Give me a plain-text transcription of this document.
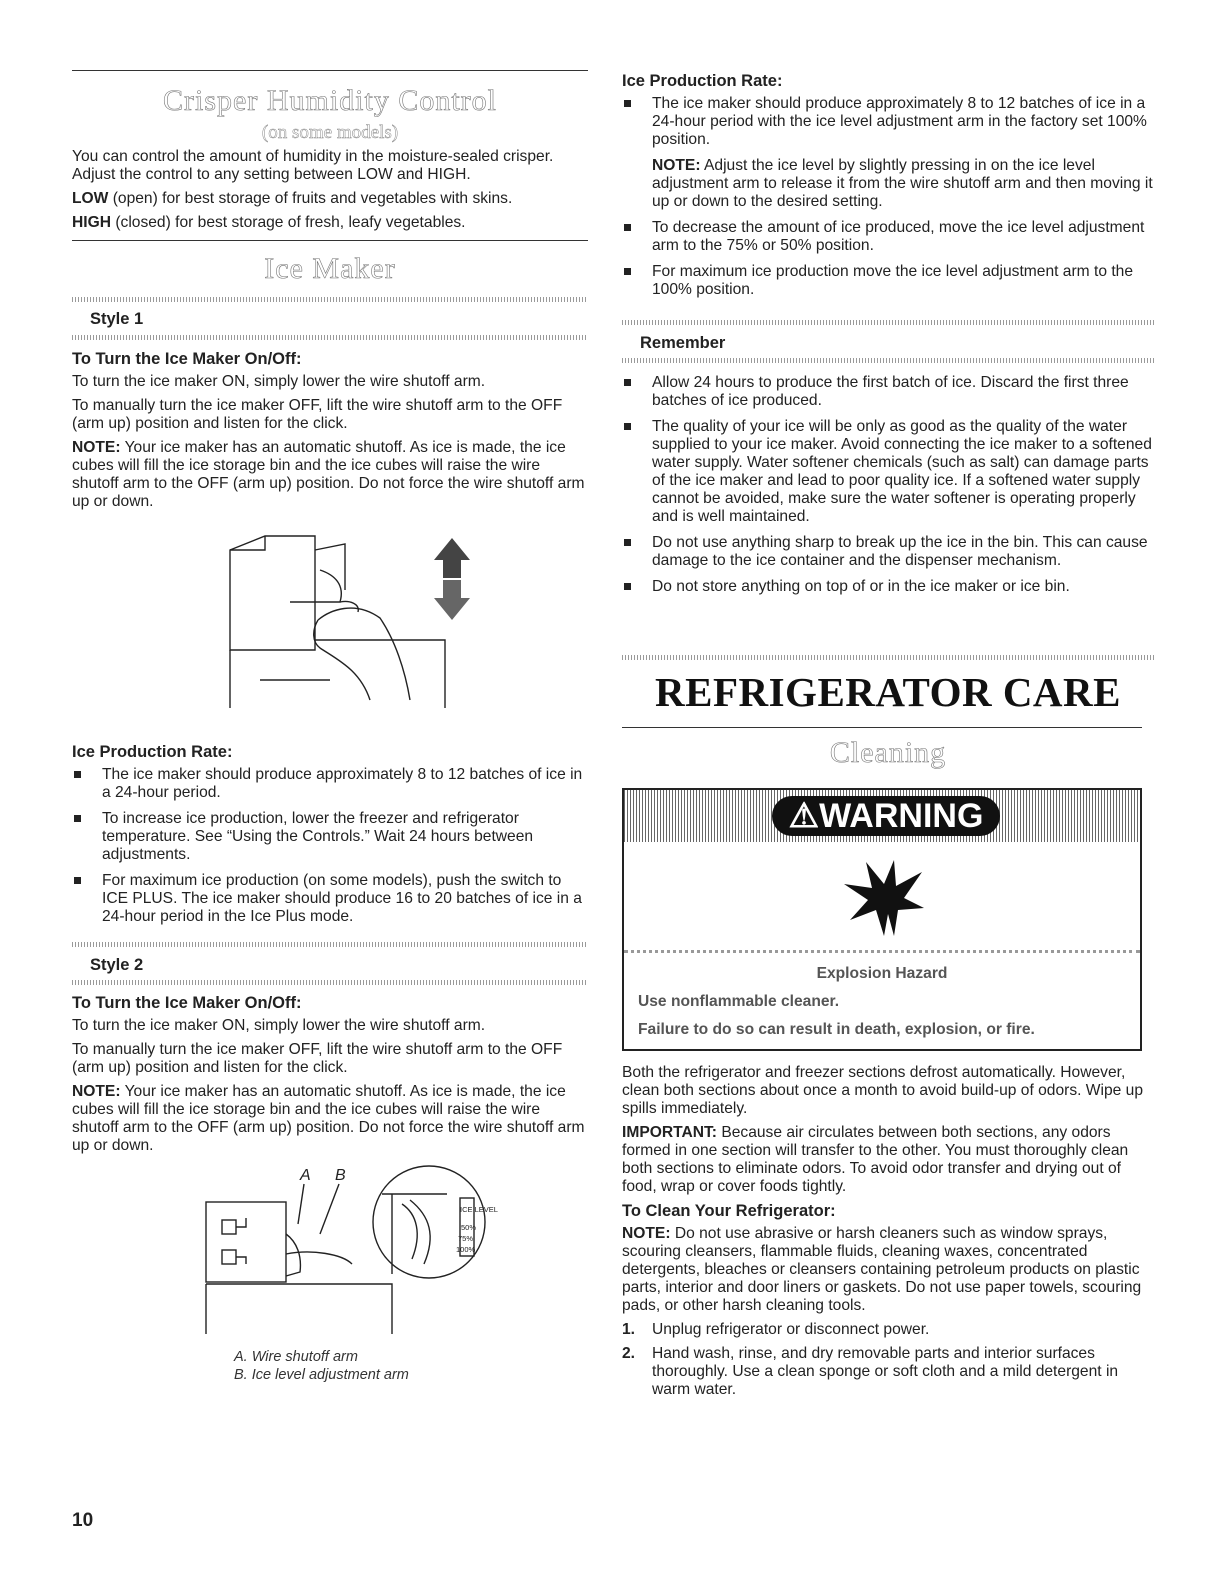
Crisper Humidity Control
(on some models)

You can control the amount of humidity in the moisture-sealed crisper. Adjust the control to any setting between LOW and HIGH.

LOW (open) for best storage of fruits and vegetables with skins.

HIGH (closed) for best storage of fresh, leafy vegetables.

Ice Maker
Style 1
To Turn the Ice Maker On/Off:

To turn the ice maker ON, simply lower the wire shutoff arm.

To manually turn the ice maker OFF, lift the wire shutoff arm to the OFF (arm up) position and listen for the click.

NOTE: Your ice maker has an automatic shutoff. As ice is made, the ice cubes will fill the ice storage bin and the ice cubes will raise the wire shutoff arm to the OFF (arm up) position. Do not force the wire shutoff arm up or down.

Ice Production Rate:
The ice maker should produce approximately 8 to 12 batches of ice in a 24-hour period.
To increase ice production, lower the freezer and refrigerator temperature. See “Using the Controls.” Wait 24 hours between adjustments.
For maximum ice production (on some models), push the switch to ICE PLUS. The ice maker should produce 16 to 20 batches of ice in a 24-hour period in the Ice Plus mode.
Style 2
To Turn the Ice Maker On/Off:

To turn the ice maker ON, simply lower the wire shutoff arm.

To manually turn the ice maker OFF, lift the wire shutoff arm to the OFF (arm up) position and listen for the click.

NOTE: Your ice maker has an automatic shutoff. As ice is made, the ice cubes will fill the ice storage bin and the ice cubes will raise the wire shutoff arm to the OFF (arm up) position. Do not force the wire shutoff arm up or down.

A B
ICE LEVEL
50%
75%
100%
A. Wire shutoff arm
B. Ice level adjustment arm
10
Ice Production Rate:
The ice maker should produce approximately 8 to 12 batches of ice in a 24-hour period with the ice level adjustment arm in the factory set 100% position.
NOTE: Adjust the ice level by slightly pressing in on the ice level adjustment arm to release it from the wire shutoff arm and then moving it up or down to the desired setting.
To decrease the amount of ice produced, move the ice level adjustment arm to the 75% or 50% position.
For maximum ice production move the ice level adjustment arm to the 100% position.
Remember
Allow 24 hours to produce the first batch of ice. Discard the first three batches of ice produced.
The quality of your ice will be only as good as the quality of the water supplied to your ice maker. Avoid connecting the ice maker to a softened water supply. Water softener chemicals (such as salt) can damage parts of the ice maker and lead to poor quality ice. If a softened water supply cannot be avoided, make sure the water softener is operating properly and is well maintained.
Do not use anything sharp to break up the ice in the bin. This can cause damage to the ice container and the dispenser mechanism.
Do not store anything on top of or in the ice maker or ice bin.
REFRIGERATOR CARE
Cleaning
⚠WARNING

Explosion Hazard

Use nonflammable cleaner.

Failure to do so can result in death, explosion, or fire.

Both the refrigerator and freezer sections defrost automatically. However, clean both sections about once a month to avoid build-up of odors. Wipe up spills immediately.

IMPORTANT: Because air circulates between both sections, any odors formed in one section will transfer to the other. You must thoroughly clean both sections to eliminate odors. To avoid odor transfer and drying out of food, wrap or cover foods tightly.

To Clean Your Refrigerator:

NOTE: Do not use abrasive or harsh cleaners such as window sprays, scouring cleansers, flammable fluids, cleaning waxes, concentrated detergents, bleaches or cleansers containing petroleum products on plastic parts, interior and door liners or gaskets. Do not use paper towels, scouring pads, or other harsh cleaning tools.

1. Unplug refrigerator or disconnect power.
2. Hand wash, rinse, and dry removable parts and interior surfaces thoroughly. Use a clean sponge or soft cloth and a mild detergent in warm water.
